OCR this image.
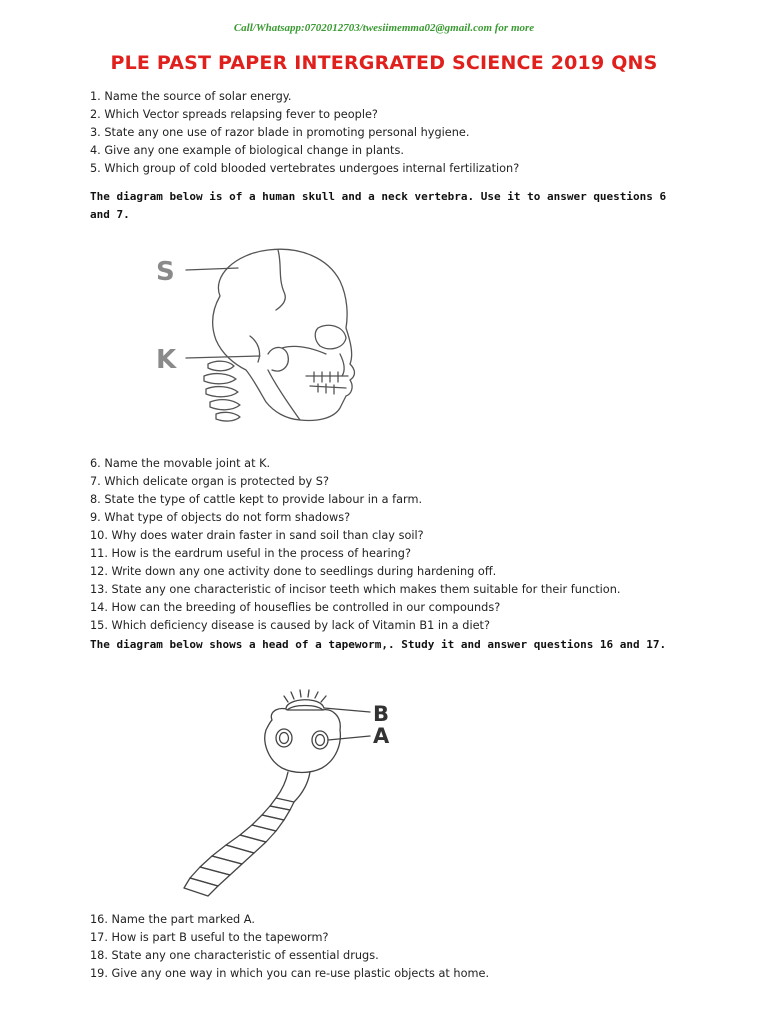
Call/Whatsapp:0702012703/twesiimemma02@gmail.com for more
PLE PAST PAPER INTERGRATED SCIENCE 2019 QNS
1. Name the source of solar energy.
2. Which Vector spreads relapsing fever to people?
3. State any one use of razor blade in promoting personal hygiene.
4. Give any one example of biological change in plants.
5. Which group of cold blooded vertebrates undergoes internal fertilization?
The diagram below is of a human skull and a neck vertebra. Use it to answer questions 6 and 7.
S
K
6. Name the movable joint at K.
7. Which delicate organ is protected by S?
8. State the type of cattle kept to provide labour in a farm.
9. What type of objects do not form shadows?
10. Why does water drain faster in sand soil than clay soil?
11. How is the eardrum useful in the process of hearing?
12. Write down any one activity done to seedlings during hardening off.
13. State any one characteristic of incisor teeth which makes them suitable for their function.
14. How can the breeding of houseflies be controlled in our compounds?
15. Which deficiency disease is caused by lack of Vitamin B1 in a diet?
The diagram below shows a head of a tapeworm,. Study it and answer questions 16 and 17.
B
A
16. Name the part marked A.
17. How is part B useful to the tapeworm?
18. State any one characteristic of essential drugs.
19. Give any one way in which you can re-use plastic objects at home.
